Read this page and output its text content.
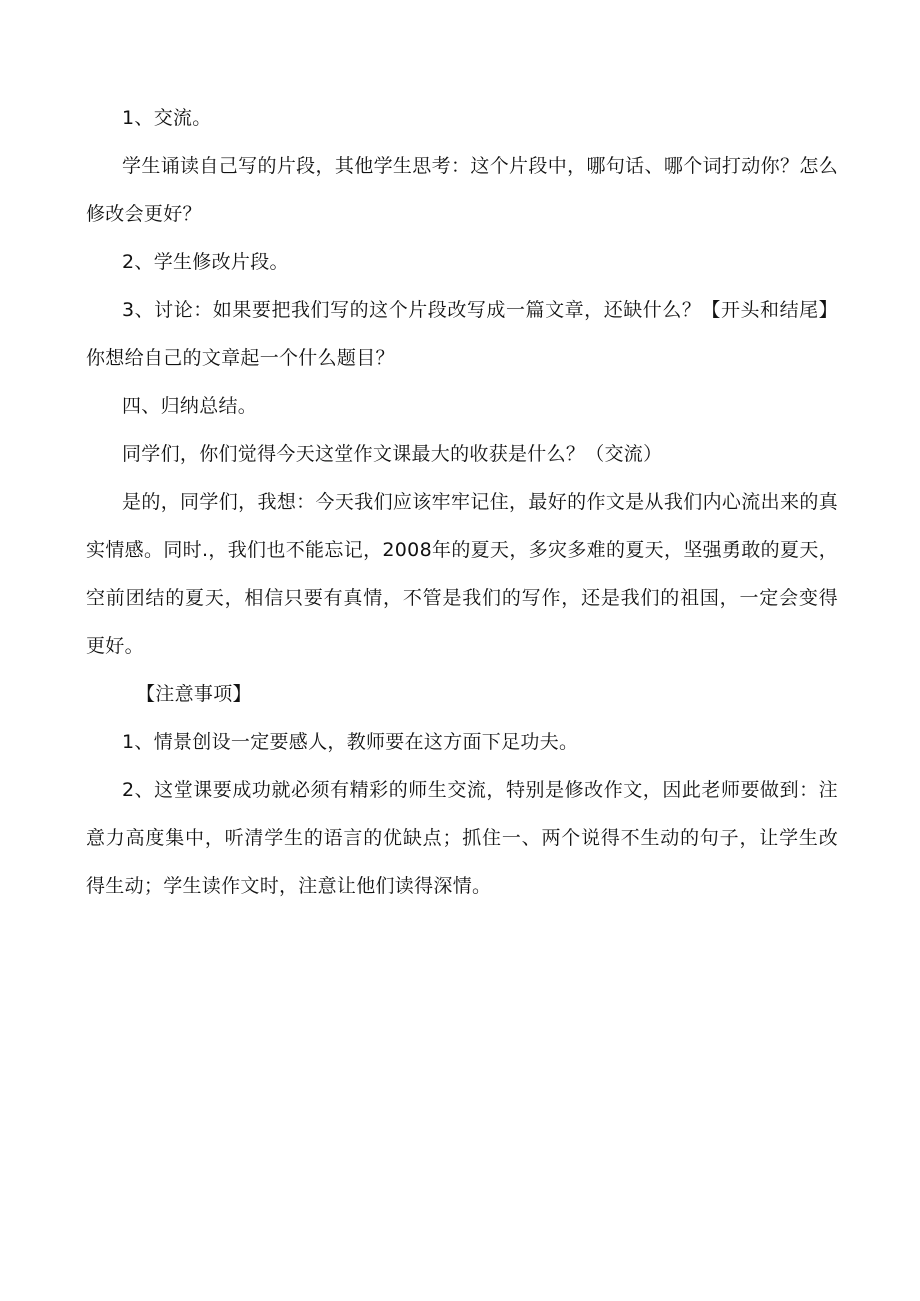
1、交流。

学生诵读自己写的片段，其他学生思考：这个片段中，哪句话、哪个词打动你？怎么修改会更好？

2、学生修改片段。

3、讨论：如果要把我们写的这个片段改写成一篇文章，还缺什么？【开头和结尾】你想给自己的文章起一个什么题目？

四、归纳总结。

同学们，你们觉得今天这堂作文课最大的收获是什么？（交流）

是的，同学们，我想：今天我们应该牢牢记住，最好的作文是从我们内心流出来的真实情感。同时.，我们也不能忘记，2008年的夏天，多灾多难的夏天，坚强勇敢的夏天，空前团结的夏天，相信只要有真情，不管是我们的写作，还是我们的祖国，一定会变得更好。

【注意事项】

1、情景创设一定要感人，教师要在这方面下足功夫。

2、这堂课要成功就必须有精彩的师生交流，特别是修改作文，因此老师要做到：注意力高度集中，听清学生的语言的优缺点；抓住一、两个说得不生动的句子，让学生改得生动；学生读作文时，注意让他们读得深情。
